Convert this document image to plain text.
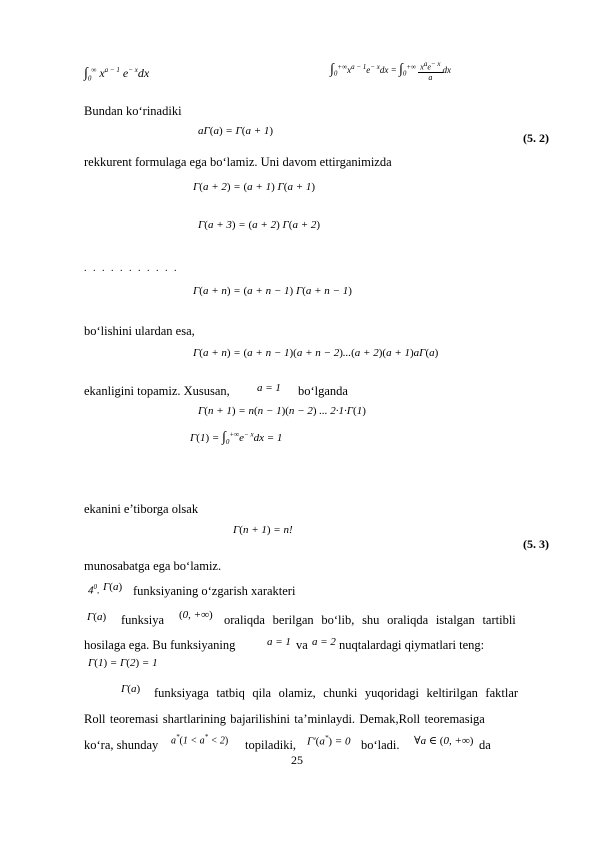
$\int_0^\infty$ $x^{a - 1}$ $e^{- x}dx$	$\int_0^{+\infty}x^{a - 1}e^{- x}dx = \int_0^{+\infty} \frac{x^ae^{- x}}{a}$ dx
Bundan ko‘rinadiki
aΓ(a) = Γ(a + 1)	(5. 2)
rekkurent formulaga ega bo‘lamiz. Uni davom ettirganimizda
Γ(a + 2) = (a + 1) Γ(a + 1)
Γ(a + 3) = (a + 2) Γ(a + 2)
. . . . . . . . . . .
Γ(a + n) = (a + n − 1) Γ(a + n − 1)
bo‘lishini ulardan esa,
Γ(a + n) = (a + n − 1)(a + n − 2)...(a + 2)(a + 1)aΓ(a)
ekanligini topamiz. Xususan, a = 1 bo‘lganda
Γ(n + 1) = n(n − 1)(n − 2) ... 2·1·Γ(1)
$\Gamma(1) = \int_0^{+\infty}e^{- x}dx = 1$
ekanini e’tiborga olsak
Γ(n + 1) = n!
(5. 3)
munosabatga ega bo‘lamiz.
$4^0$. Γ(a) funksiyaning o‘zgarish xarakteri
Γ(a) funksiya (0, +∞) oraliqda berilgan bo‘lib, shu oraliqda istalgan tartibli
hosilaga ega. Bu funksiyaning	a = 1 va a = 2 nuqtalardagi qiymatlari teng:
Γ(1) = Γ(2) = 1
Γ(a) funksiyaga tatbiq qila olamiz, chunki yuqoridagi keltirilgan faktlar
Roll teoremasi shartlarining bajarilishini ta’minlaydi. Demak,Roll teoremasiga
ko‘ra, shunday a*(1 < a* < 2) topiladiki, Γ′(a*) = 0 bo‘ladi. ∀a ∈ (0, +∞) da
25
